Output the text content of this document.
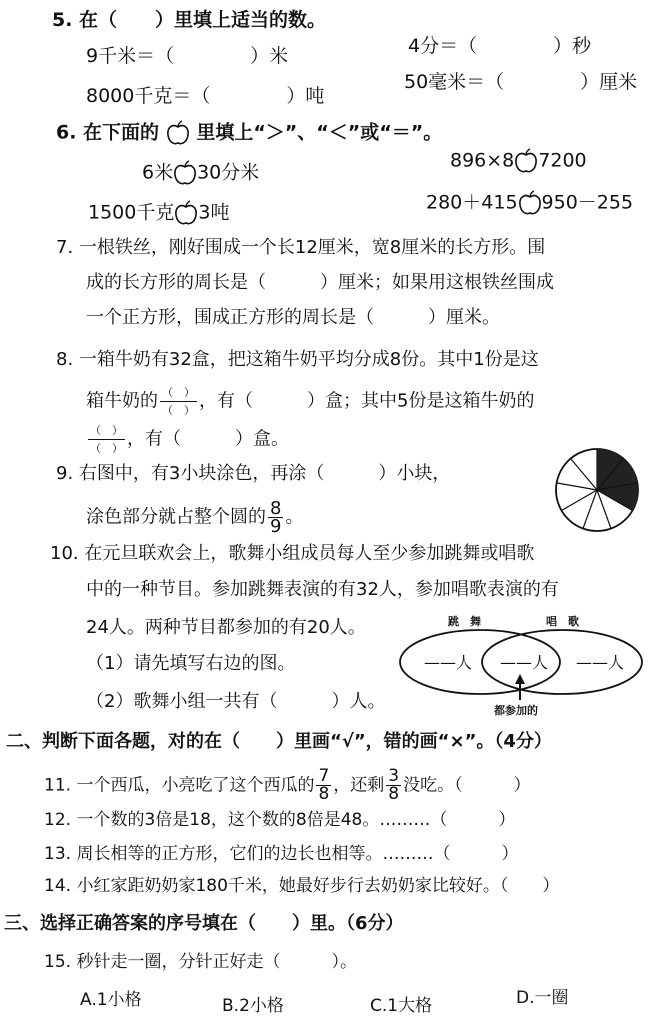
5. 在（　　）里填上适当的数。
9千米＝（　　　　）米
8000千克＝（　　　　）吨
4分＝（　　　　）秒
50毫米＝（　　　　）厘米
6. 在下面的 里填上“＞”、“＜”或“＝”。
6米 30分米
1500千克 3吨
896×8 7200
280＋415 950－255
7. 一根铁丝，刚好围成一个长12厘米，宽8厘米的长方形。围
成的长方形的周长是（　　　）厘米；如果用这根铁丝围成
一个正方形，围成正方形的周长是（　　　）厘米。
8. 一箱牛奶有32盒，把这箱牛奶平均分成8份。其中1份是这
箱牛奶的 $\frac{( )}{( )}$ ，有（　　　）盒；其中5份是这箱牛奶的
$\frac{( )}{( )}$ ，有（　　　）盒。
9. 右图中，有3小块涂色，再涂（　　　）小块，
涂色部分就占整个圆的 $\frac{8}{9}$ 。
10. 在元旦联欢会上，歌舞小组成员每人至少参加跳舞或唱歌
中的一种节目。参加跳舞表演的有32人，参加唱歌表演的有
24人。两种节目都参加的有20人。
（1）请先填写右边的图。
（2）歌舞小组一共有（　　　）人。
跳　舞	唱　歌
——人 ——人 ——人
都参加的
二、判断下面各题，对的在（　　）里画“√”，错的画“×”。（4分）
11. 一个西瓜，小亮吃了这个西瓜的 $\frac{7}{8}$ ，还剩 $\frac{3}{8}$ 没吃。（　　　）
12. 一个数的3倍是18，这个数的8倍是48。………（　　　）
13. 周长相等的正方形，它们的边长也相等。………（　　　）
14. 小红家距奶奶家180千米，她最好步行去奶奶家比较好。（　　）
三、选择正确答案的序号填在（　　）里。（6分）
15. 秒针走一圈，分针正好走（　　　）。
A.1小格	B.2小格	C.1大格	D.一圈
